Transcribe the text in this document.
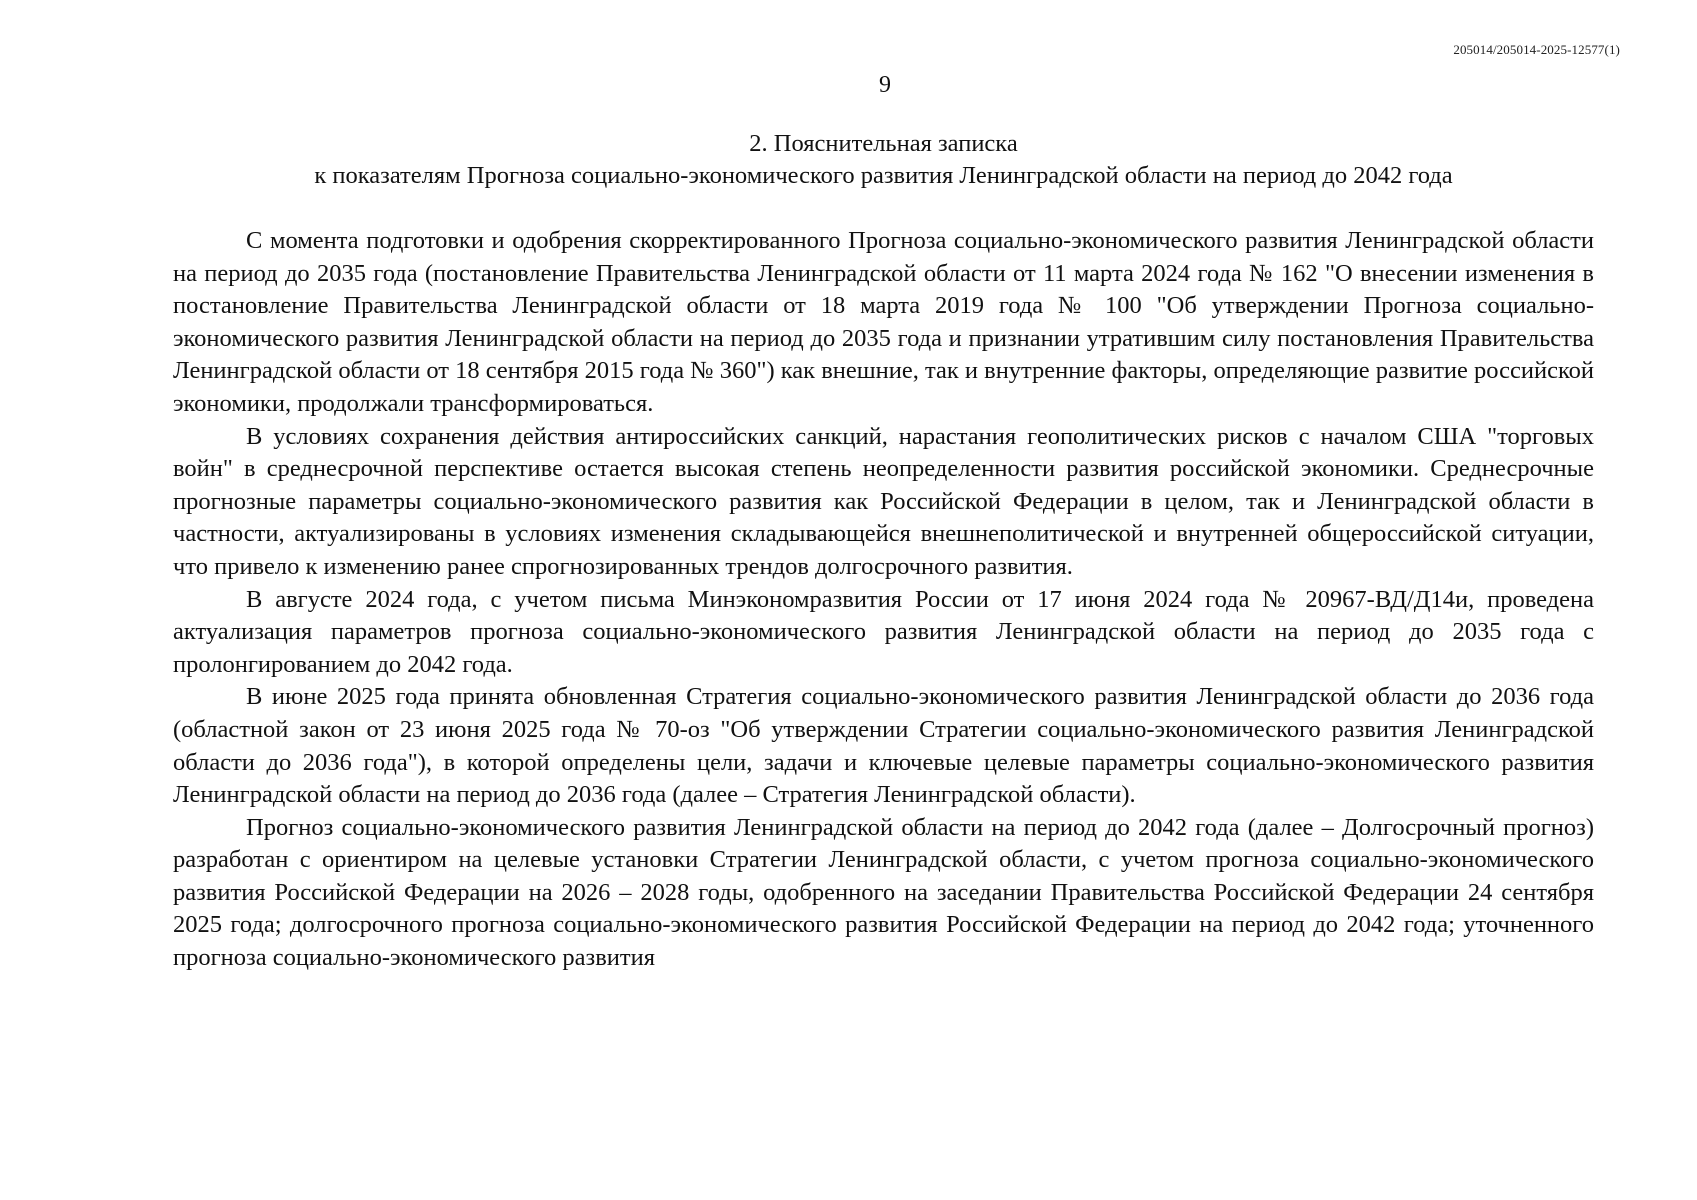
205014/205014-2025-12577(1)
9

2. Пояснительная записка

к показателям Прогноза социально-экономического развития Ленинградской области на период до 2042 года

С момента подготовки и одобрения скорректированного Прогноза социально-экономического развития Ленинградской области на период до 2035 года (постановление Правительства Ленинградской области от 11 марта 2024 года № 162 "О внесении изменения в постановление Правительства Ленинградской области от 18 марта 2019 года № 100 "Об утверждении Прогноза социально-экономического развития Ленинградской области на период до 2035 года и признании утратившим силу постановления Правительства Ленинградской области от 18 сентября 2015 года № 360") как внешние, так и внутренние факторы, определяющие развитие российской экономики, продолжали трансформироваться.

В условиях сохранения действия антироссийских санкций, нарастания геополитических рисков с началом США "торговых войн" в среднесрочной перспективе остается высокая степень неопределенности развития российской экономики. Среднесрочные прогнозные параметры социально-экономического развития как Российской Федерации в целом, так и Ленинградской области в частности, актуализированы в условиях изменения складывающейся внешнеполитической и внутренней общероссийской ситуации, что привело к изменению ранее спрогнозированных трендов долгосрочного развития.

В августе 2024 года, с учетом письма Минэкономразвития России от 17 июня 2024 года № 20967-ВД/Д14и, проведена актуализация параметров прогноза социально-экономического развития Ленинградской области на период до 2035 года с пролонгированием до 2042 года.

В июне 2025 года принята обновленная Стратегия социально-экономического развития Ленинградской области до 2036 года (областной закон от 23 июня 2025 года № 70-оз "Об утверждении Стратегии социально-экономического развития Ленинградской области до 2036 года"), в которой определены цели, задачи и ключевые целевые параметры социально-экономического развития Ленинградской области на период до 2036 года (далее – Стратегия Ленинградской области).

Прогноз социально-экономического развития Ленинградской области на период до 2042 года (далее – Долгосрочный прогноз) разработан с ориентиром на целевые установки Стратегии Ленинградской области, с учетом прогноза социально-экономического развития Российской Федерации на 2026 – 2028 годы, одобренного на заседании Правительства Российской Федерации 24 сентября 2025 года; долгосрочного прогноза социально-экономического развития Российской Федерации на период до 2042 года; уточненного прогноза социально-экономического развития
